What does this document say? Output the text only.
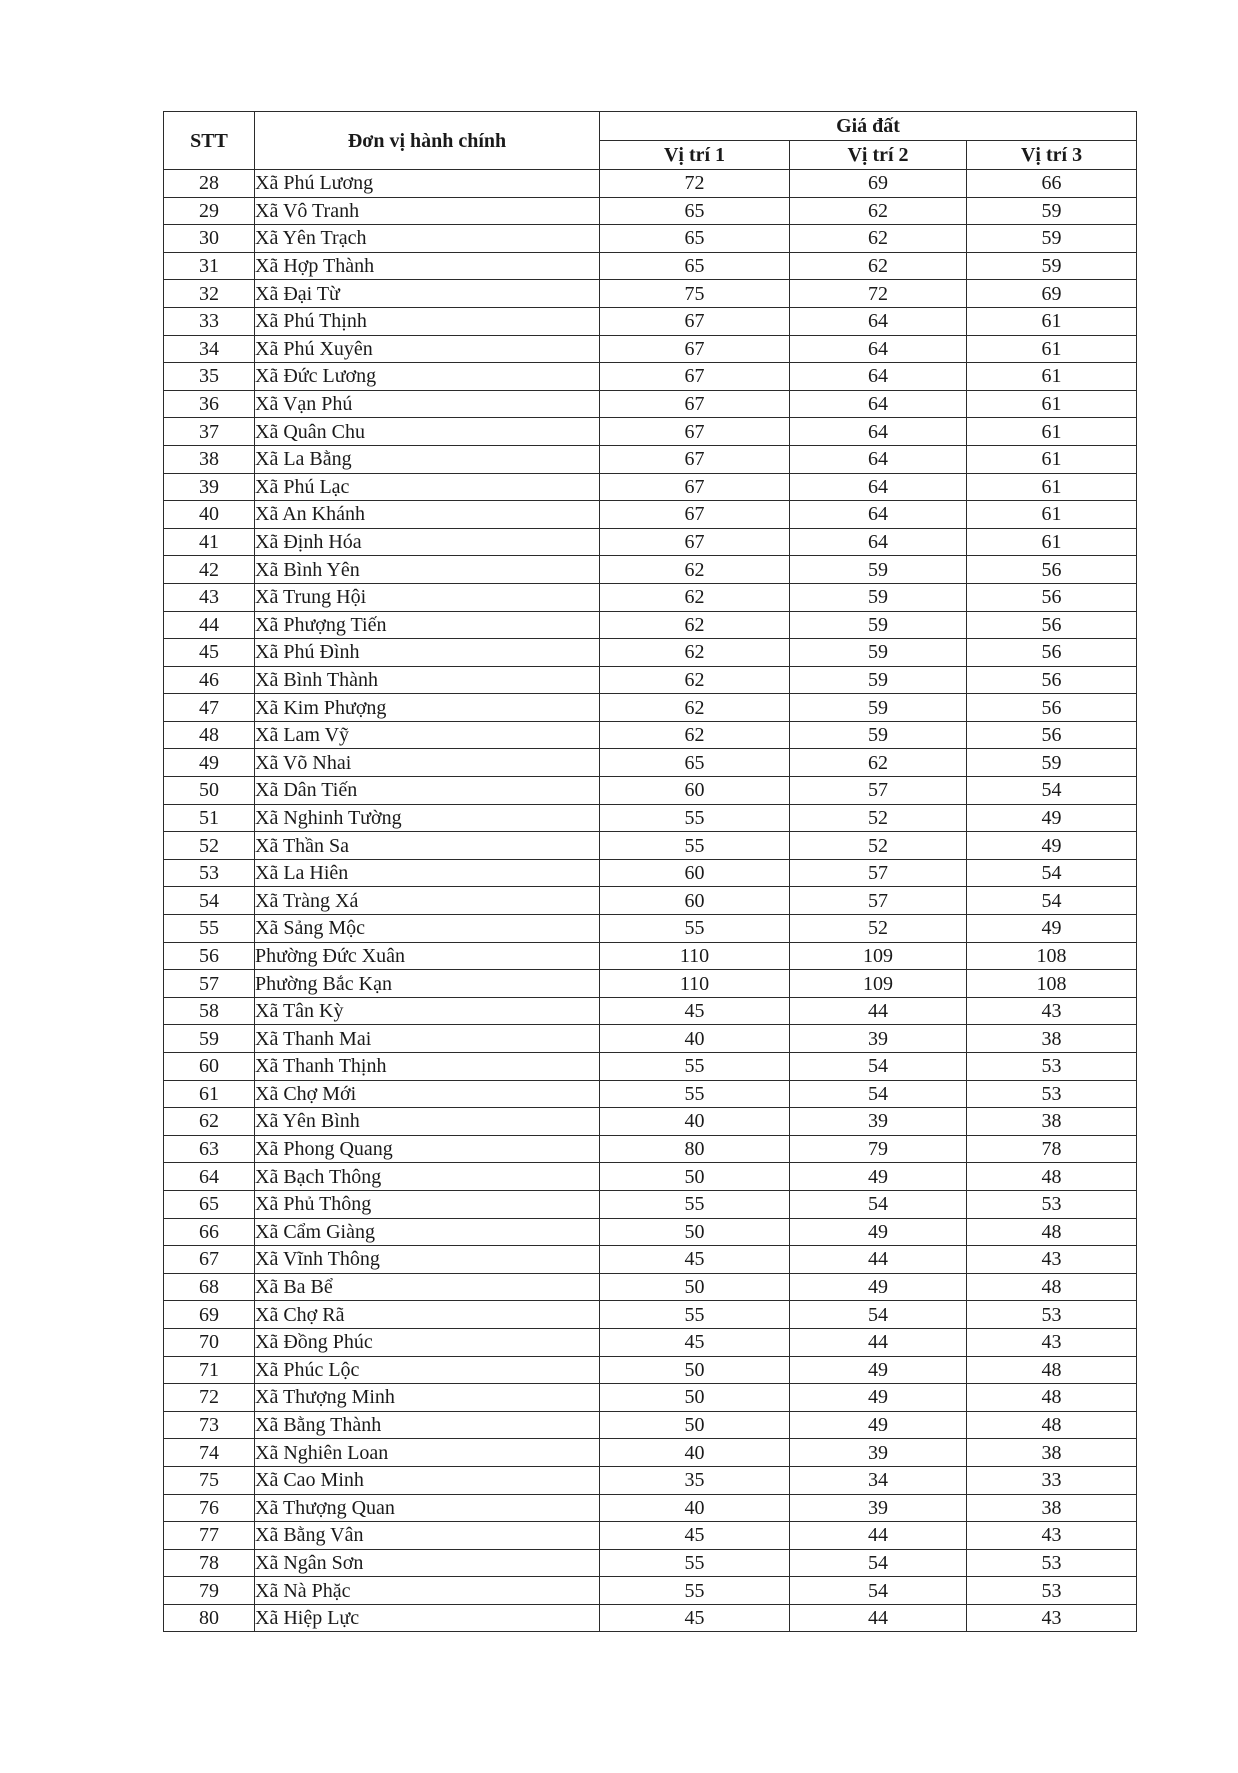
STT	Đơn vị hành chính	Giá đất		
		Vị trí 1	Vị trí 2	Vị trí 3
28	Xã Phú Lương	72	69	66
29	Xã Vô Tranh	65	62	59
30	Xã Yên Trạch	65	62	59
31	Xã Hợp Thành	65	62	59
32	Xã Đại Từ	75	72	69
33	Xã Phú Thịnh	67	64	61
34	Xã Phú Xuyên	67	64	61
35	Xã Đức Lương	67	64	61
36	Xã Vạn Phú	67	64	61
37	Xã Quân Chu	67	64	61
38	Xã La Bằng	67	64	61
39	Xã Phú Lạc	67	64	61
40	Xã An Khánh	67	64	61
41	Xã Định Hóa	67	64	61
42	Xã Bình Yên	62	59	56
43	Xã Trung Hội	62	59	56
44	Xã Phượng Tiến	62	59	56
45	Xã Phú Đình	62	59	56
46	Xã Bình Thành	62	59	56
47	Xã Kim Phượng	62	59	56
48	Xã Lam Vỹ	62	59	56
49	Xã Võ Nhai	65	62	59
50	Xã Dân Tiến	60	57	54
51	Xã Nghinh Tường	55	52	49
52	Xã Thần Sa	55	52	49
53	Xã La Hiên	60	57	54
54	Xã Tràng Xá	60	57	54
55	Xã Sảng Mộc	55	52	49
56	Phường Đức Xuân	110	109	108
57	Phường Bắc Kạn	110	109	108
58	Xã Tân Kỳ	45	44	43
59	Xã Thanh Mai	40	39	38
60	Xã Thanh Thịnh	55	54	53
61	Xã Chợ Mới	55	54	53
62	Xã Yên Bình	40	39	38
63	Xã Phong Quang	80	79	78
64	Xã Bạch Thông	50	49	48
65	Xã Phủ Thông	55	54	53
66	Xã Cẩm Giàng	50	49	48
67	Xã Vĩnh Thông	45	44	43
68	Xã Ba Bể	50	49	48
69	Xã Chợ Rã	55	54	53
70	Xã Đồng Phúc	45	44	43
71	Xã Phúc Lộc	50	49	48
72	Xã Thượng Minh	50	49	48
73	Xã Bằng Thành	50	49	48
74	Xã Nghiên Loan	40	39	38
75	Xã Cao Minh	35	34	33
76	Xã Thượng Quan	40	39	38
77	Xã Bằng Vân	45	44	43
78	Xã Ngân Sơn	55	54	53
79	Xã Nà Phặc	55	54	53
80	Xã Hiệp Lực	45	44	43
